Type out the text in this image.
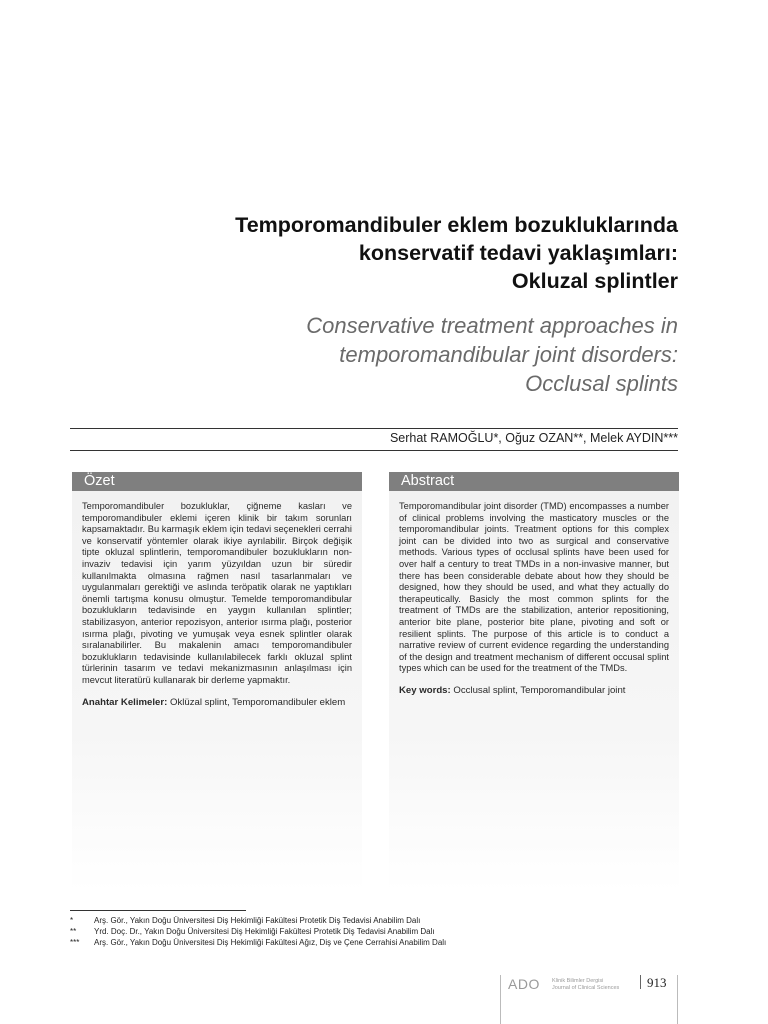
Temporomandibuler eklem bozukluklarında
konservatif tedavi yaklaşımları:
Okluzal splintler

Conservative treatment approaches in
temporomandibular joint disorders:
Occlusal splints

Serhat RAMOĞLU*, Oğuz OZAN**, Melek AYDIN***
Özet

Temporomandibuler bozukluklar, çiğneme kasları ve temporomandibuler eklemi içeren klinik bir takım sorunları kapsamaktadır. Bu karmaşık eklem için tedavi seçenekleri cerrahi ve konservatif yöntemler olarak ikiye ayrılabilir. Birçok değişik tipte okluzal splintlerin, temporomandibuler bozuklukların non-invaziv tedavisi için yarım yüzyıldan uzun bir süredir kullanılmakta olmasına rağmen nasıl tasarlanmaları ve uygulanmaları gerektiği ve aslında teröpatik olarak ne yaptıkları önemli tartışma konusu olmuştur. Temelde temporomandibular bozuklukların tedavisinde en yaygın kullanılan splintler; stabilizasyon, anterior repozisyon, anterior ısırma plağı, posterior ısırma plağı, pivoting ve yumuşak veya esnek splintler olarak sıralanabilirler. Bu makalenin amacı temporomandibuler bozuklukların tedavisinde kullanılabilecek farklı okluzal splint türlerinin tasarım ve tedavi mekanizmasının anlaşılması için mevcut literatürü kullanarak bir derleme yapmaktır.

Anahtar Kelimeler: Oklüzal splint, Temporomandibuler eklem

Abstract

Temporomandibular joint disorder (TMD) encompasses a number of clinical problems involving the masticatory muscles or the temporomandibular joints. Treatment options for this complex joint can be divided into two as surgical and conservative methods. Various types of occlusal splints have been used for over half a century to treat TMDs in a non-invasive manner, but there has been considerable debate about how they should be designed, how they should be used, and what they actually do therapeutically. Basicly the most common splints for the treatment of TMDs are the stabilization, anterior repositioning, anterior bite plane, posterior bite plane, pivoting and soft or resilient splints. The purpose of this article is to conduct a narrative review of current evidence regarding the understanding of the design and treatment mechanism of different occusal splint types which can be used for the treatment of the TMDs.

Key words: Occlusal splint, Temporomandibular joint

*	Arş. Gör., Yakın Doğu Üniversitesi Diş Hekimliği Fakültesi Protetik Diş Tedavisi Anabilim Dalı
**	Yrd. Doç. Dr., Yakın Doğu Üniversitesi Diş Hekimliği Fakültesi Protetik Diş Tedavisi Anabilim Dalı
***	Arş. Gör., Yakın Doğu Üniversitesi Diş Hekimliği Fakültesi Ağız, Diş ve Çene Cerrahisi Anabilim Dalı
ADO Klinik Bilimler Dergisi
Journal of Clinical Sciences 913
